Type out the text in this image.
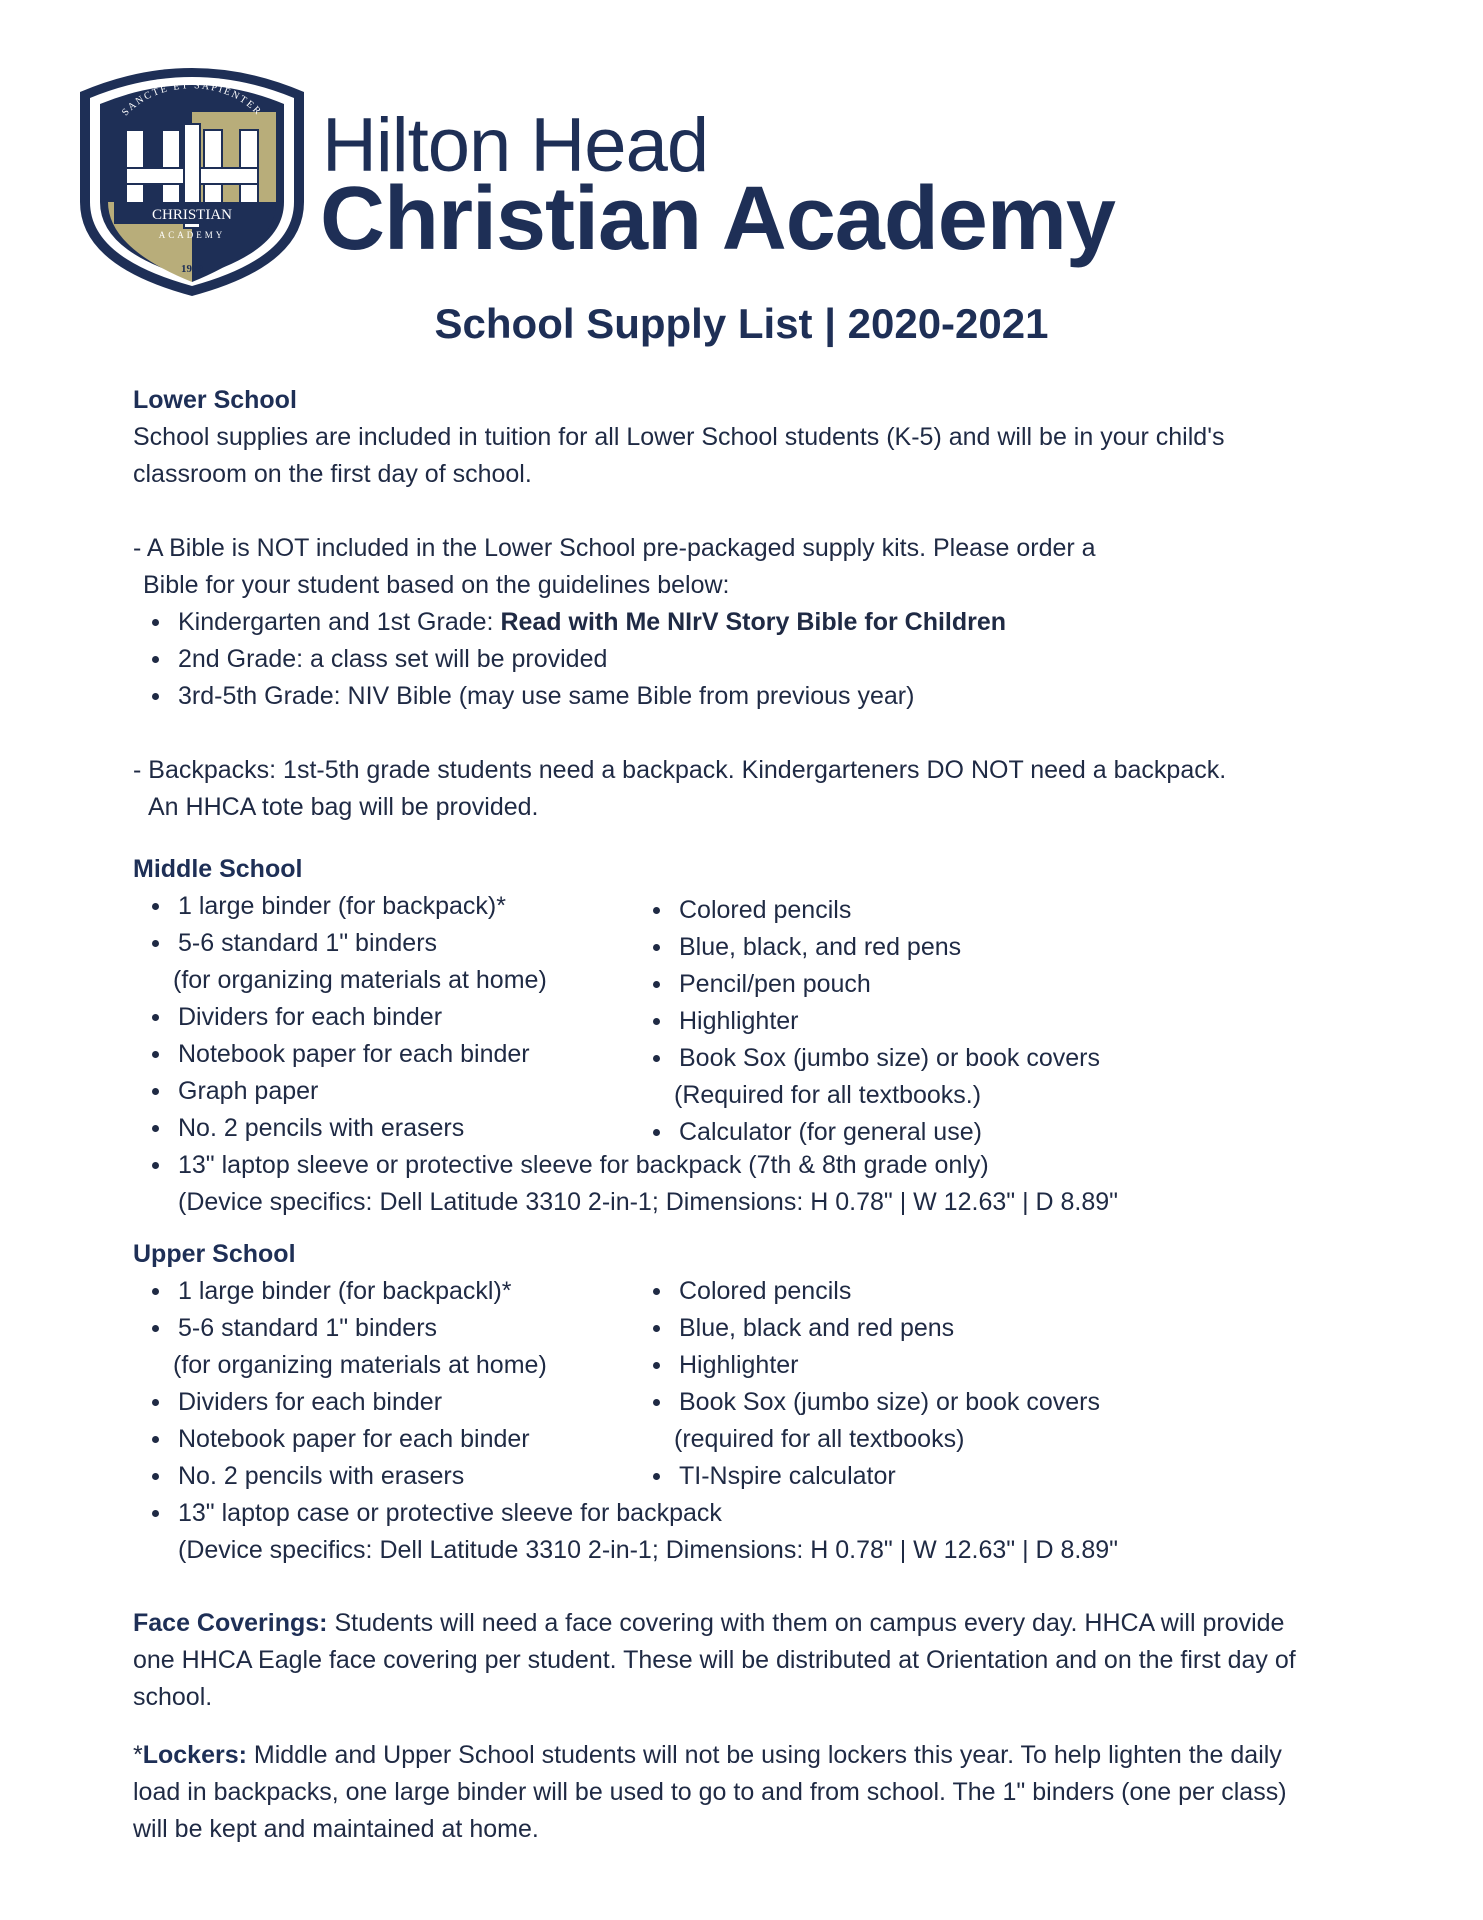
CHRISTIAN
ACADEMY
SANCTE ET SAPIENTER
1979
Hilton Head
Christian Academy
School Supply List | 2020-2021
Lower School

School supplies are included in tuition for all Lower School students (K-5) and will be in your child's

classroom on the first day of school.

- A Bible is NOT included in the Lower School pre-packaged supply kits. Please order a

Bible for your student based on the guidelines below:

Kindergarten and 1st Grade: Read with Me NIrV Story Bible for Children
2nd Grade: a class set will be provided
3rd-5th Grade: NIV Bible (may use same Bible from previous year)

- Backpacks: 1st-5th grade students need a backpack. Kindergarteners DO NOT need a backpack.

An HHCA tote bag will be provided.

Middle School
1 large binder (for backpack)*
5-6 standard 1" binders
(for organizing materials at home)
Dividers for each binder
Notebook paper for each binder
Graph paper
No. 2 pencils with erasers
Colored pencils
Blue, black, and red pens
Pencil/pen pouch
Highlighter
Book Sox (jumbo size) or book covers
(Required for all textbooks.)
Calculator (for general use)
13" laptop sleeve or protective sleeve for backpack (7th & 8th grade only)
(Device specifics: Dell Latitude 3310 2-in-1; Dimensions: H 0.78" | W 12.63" | D 8.89"
Upper School
1 large binder (for backpackl)*
5-6 standard 1" binders
(for organizing materials at home)
Dividers for each binder
Notebook paper for each binder
No. 2 pencils with erasers
Colored pencils
Blue, black and red pens
Highlighter
Book Sox (jumbo size) or book covers
(required for all textbooks)
TI-Nspire calculator
13" laptop case or protective sleeve for backpack
(Device specifics: Dell Latitude 3310 2-in-1; Dimensions: H 0.78" | W 12.63" | D 8.89"

Face Coverings: Students will need a face covering with them on campus every day. HHCA will provide

one HHCA Eagle face covering per student. These will be distributed at Orientation and on the first day of

school.

*Lockers: Middle and Upper School students will not be using lockers this year. To help lighten the daily

load in backpacks, one large binder will be used to go to and from school. The 1" binders (one per class)

will be kept and maintained at home.
